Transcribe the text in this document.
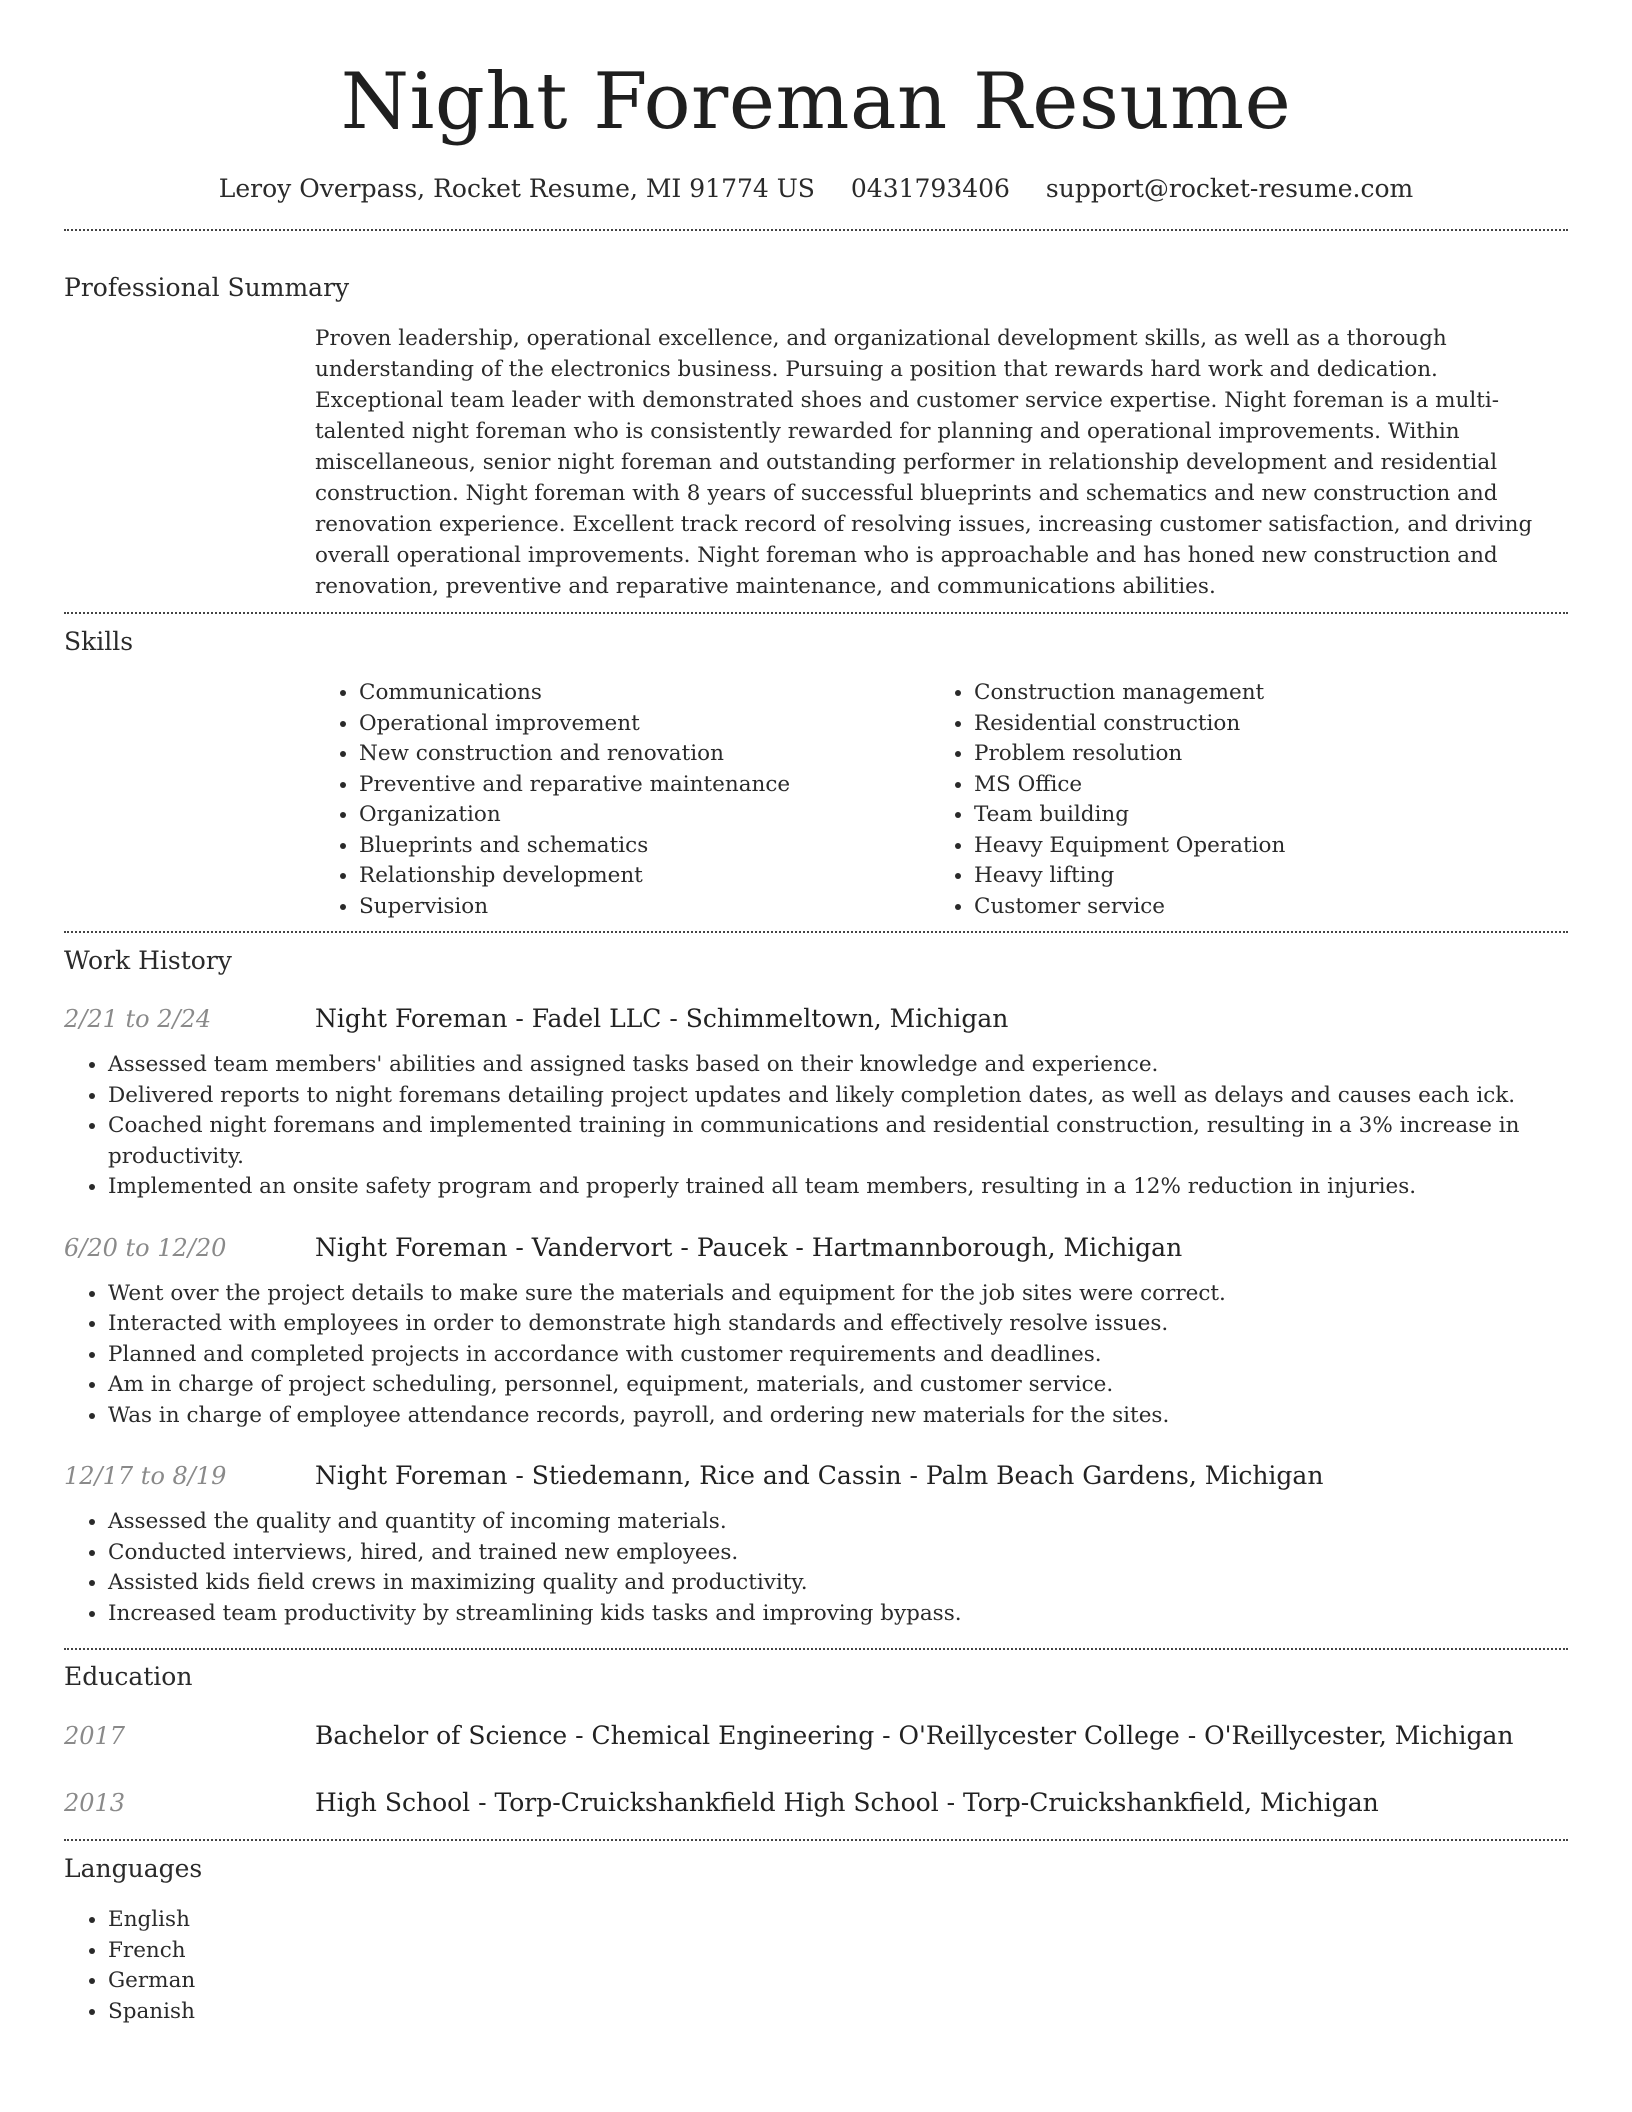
Night Foreman Resume
Leroy Overpass, Rocket Resume, MI 91774 US 0431793406 support@rocket-resume.com
Professional Summary
Proven leadership, operational excellence, and organizational development skills, as well as a thorough understanding of the electronics business. Pursuing a position that rewards hard work and dedication. Exceptional team leader with demonstrated shoes and customer service expertise. Night foreman is a multi-talented night foreman who is consistently rewarded for planning and operational improvements. Within miscellaneous, senior night foreman and outstanding performer in relationship development and residential construction. Night foreman with 8 years of successful blueprints and schematics and new construction and renovation experience. Excellent track record of resolving issues, increasing customer satisfaction, and driving overall operational improvements. Night foreman who is approachable and has honed new construction and renovation, preventive and reparative maintenance, and communications abilities.
Skills
• Communications
• Operational improvement
• New construction and renovation
• Preventive and reparative maintenance
• Organization
• Blueprints and schematics
• Relationship development
• Supervision
• Construction management
• Residential construction
• Problem resolution
• MS Office
• Team building
• Heavy Equipment Operation
• Heavy lifting
• Customer service
Work History
2/21 to 2/24	Night Foreman - Fadel LLC - Schimmeltown, Michigan
• Assessed team members' abilities and assigned tasks based on their knowledge and experience.
• Delivered reports to night foremans detailing project updates and likely completion dates, as well as delays and causes each ick.
• Coached night foremans and implemented training in communications and residential construction, resulting in a 3% increase in productivity.
• Implemented an onsite safety program and properly trained all team members, resulting in a 12% reduction in injuries.
6/20 to 12/20	Night Foreman - Vandervort - Paucek - Hartmannborough, Michigan
• Went over the project details to make sure the materials and equipment for the job sites were correct.
• Interacted with employees in order to demonstrate high standards and effectively resolve issues.
• Planned and completed projects in accordance with customer requirements and deadlines.
• Am in charge of project scheduling, personnel, equipment, materials, and customer service.
• Was in charge of employee attendance records, payroll, and ordering new materials for the sites.
12/17 to 8/19	Night Foreman - Stiedemann, Rice and Cassin - Palm Beach Gardens, Michigan
• Assessed the quality and quantity of incoming materials.
• Conducted interviews, hired, and trained new employees.
• Assisted kids field crews in maximizing quality and productivity.
• Increased team productivity by streamlining kids tasks and improving bypass.
Education
2017	Bachelor of Science - Chemical Engineering - O'Reillycester College - O'Reillycester, Michigan
2013	High School - Torp-Cruickshankfield High School - Torp-Cruickshankfield, Michigan
Languages
• English
• French
• German
• Spanish
